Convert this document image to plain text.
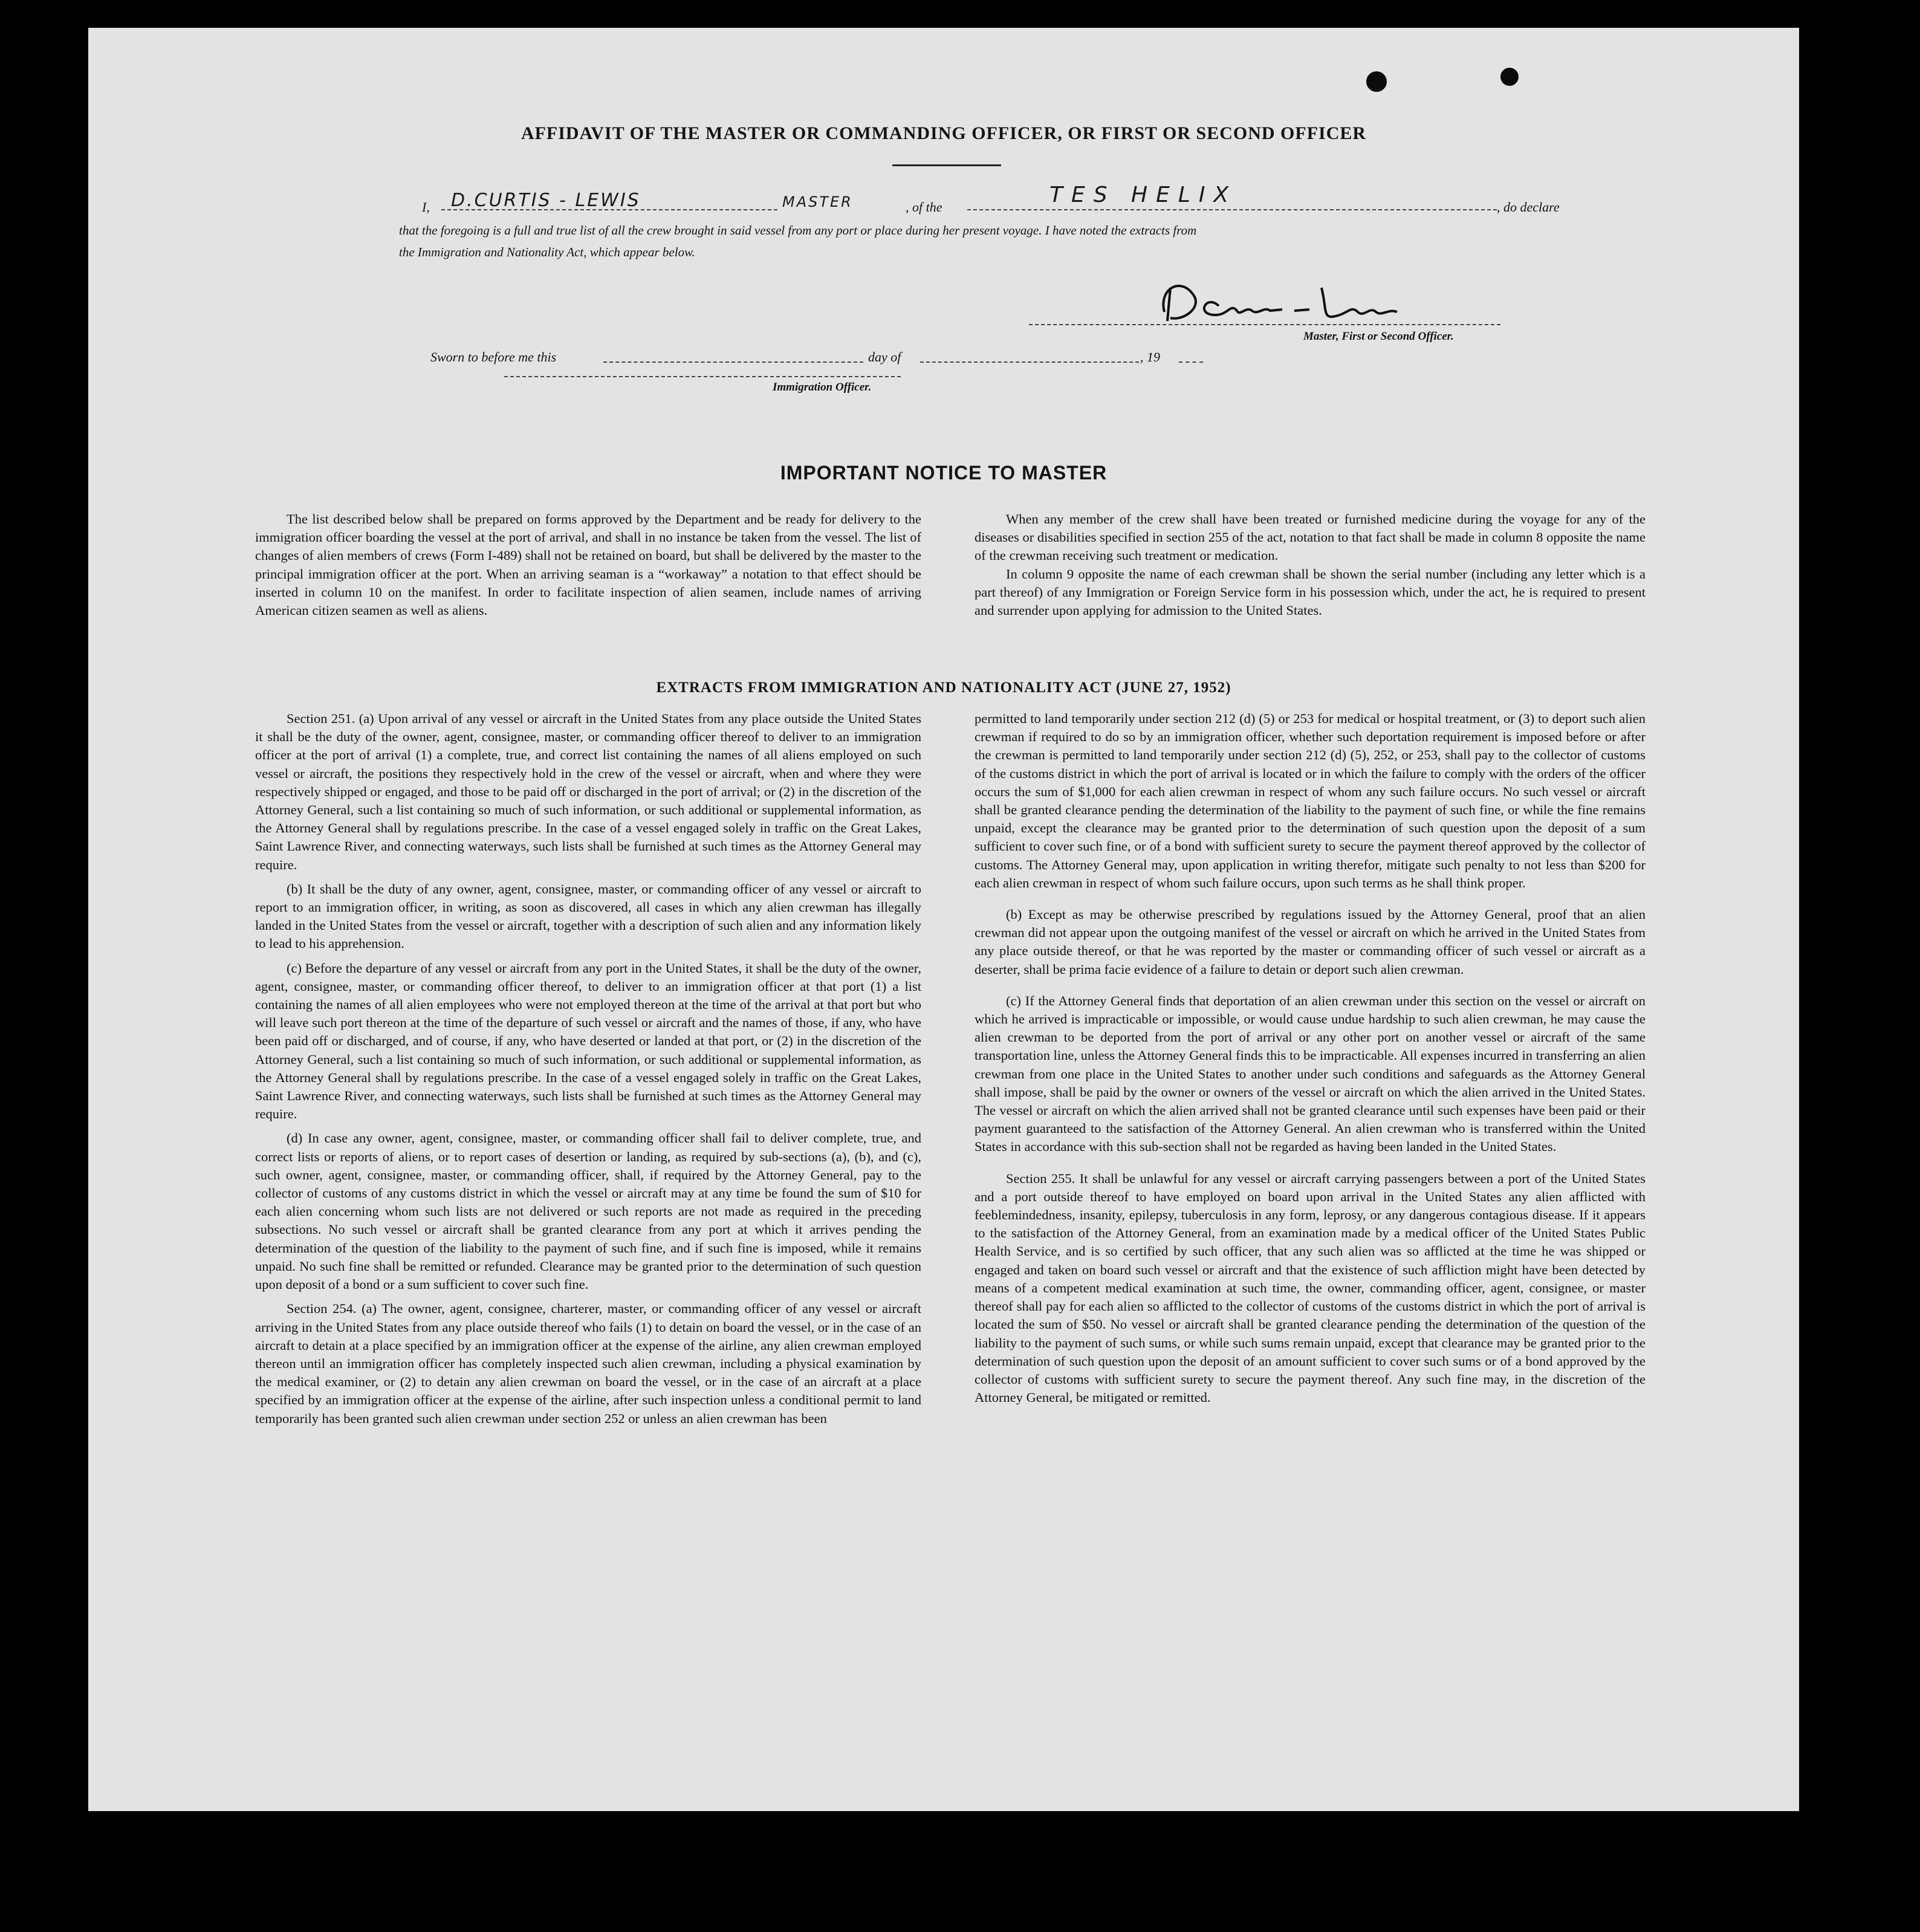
AFFIDAVIT OF THE MASTER OR COMMANDING OFFICER, OR FIRST OR SECOND OFFICER
I, D.CURTIS - LEWIS	MASTER	, of the	TES HELIX	, do declare
that the foregoing is a full and true list of all the crew brought in said vessel from any port or place during her present voyage. I have noted the extracts from
the Immigration and Nationality Act, which appear below.
Master, First or Second Officer.
Sworn to before me this	day of	, 19
Immigration Officer.
IMPORTANT NOTICE TO MASTER

The list described below shall be prepared on forms approved by the Department and be ready for delivery to the immigration officer boarding the vessel at the port of arrival, and shall in no instance be taken from the vessel. The list of changes of alien members of crews (Form I-489) shall not be retained on board, but shall be delivered by the master to the principal immigration officer at the port. When an arriving seaman is a “workaway” a notation to that effect should be inserted in column 10 on the manifest. In order to facilitate inspection of alien seamen, include names of arriving American citizen seamen as well as aliens.

When any member of the crew shall have been treated or furnished medicine during the voyage for any of the diseases or disabilities specified in section 255 of the act, notation to that fact shall be made in column 8 opposite the name of the crewman receiving such treatment or medication.

In column 9 opposite the name of each crewman shall be shown the serial number (including any letter which is a part thereof) of any Immigration or Foreign Service form in his possession which, under the act, he is required to present and surrender upon applying for admission to the United States.

EXTRACTS FROM IMMIGRATION AND NATIONALITY ACT (JUNE 27, 1952)

Section 251. (a) Upon arrival of any vessel or aircraft in the United States from any place outside the United States it shall be the duty of the owner, agent, consignee, master, or commanding officer thereof to deliver to an immigration officer at the port of arrival (1) a complete, true, and correct list containing the names of all aliens employed on such vessel or aircraft, the positions they respectively hold in the crew of the vessel or aircraft, when and where they were respectively shipped or engaged, and those to be paid off or discharged in the port of arrival; or (2) in the discretion of the Attorney General, such a list containing so much of such information, or such additional or supplemental information, as the Attorney General shall by regulations prescribe. In the case of a vessel engaged solely in traffic on the Great Lakes, Saint Lawrence River, and connecting waterways, such lists shall be furnished at such times as the Attorney General may require.

(b) It shall be the duty of any owner, agent, consignee, master, or commanding officer of any vessel or aircraft to report to an immigration officer, in writing, as soon as discovered, all cases in which any alien crewman has illegally landed in the United States from the vessel or aircraft, together with a description of such alien and any information likely to lead to his apprehension.

(c) Before the departure of any vessel or aircraft from any port in the United States, it shall be the duty of the owner, agent, consignee, master, or commanding officer thereof, to deliver to an immigration officer at that port (1) a list containing the names of all alien employees who were not employed thereon at the time of the arrival at that port but who will leave such port thereon at the time of the departure of such vessel or aircraft and the names of those, if any, who have been paid off or discharged, and of course, if any, who have deserted or landed at that port, or (2) in the discretion of the Attorney General, such a list containing so much of such information, or such additional or supplemental information, as the Attorney General shall by regulations prescribe. In the case of a vessel engaged solely in traffic on the Great Lakes, Saint Lawrence River, and connecting waterways, such lists shall be furnished at such times as the Attorney General may require.

(d) In case any owner, agent, consignee, master, or commanding officer shall fail to deliver complete, true, and correct lists or reports of aliens, or to report cases of desertion or landing, as required by sub-sections (a), (b), and (c), such owner, agent, consignee, master, or commanding officer, shall, if required by the Attorney General, pay to the collector of customs of any customs district in which the vessel or aircraft may at any time be found the sum of $10 for each alien concerning whom such lists are not delivered or such reports are not made as required in the preceding subsections. No such vessel or aircraft shall be granted clearance from any port at which it arrives pending the determination of the question of the liability to the payment of such fine, and if such fine is imposed, while it remains unpaid. No such fine shall be remitted or refunded. Clearance may be granted prior to the determination of such question upon deposit of a bond or a sum sufficient to cover such fine.

Section 254. (a) The owner, agent, consignee, charterer, master, or commanding officer of any vessel or aircraft arriving in the United States from any place outside thereof who fails (1) to detain on board the vessel, or in the case of an aircraft to detain at a place specified by an immigration officer at the expense of the airline, any alien crewman employed thereon until an immigration officer has completely inspected such alien crewman, including a physical examination by the medical examiner, or (2) to detain any alien crewman on board the vessel, or in the case of an aircraft at a place specified by an immigration officer at the expense of the airline, after such inspection unless a conditional permit to land temporarily has been granted such alien crewman under section 252 or unless an alien crewman has been

permitted to land temporarily under section 212 (d) (5) or 253 for medical or hospital treatment, or (3) to deport such alien crewman if required to do so by an immigration officer, whether such deportation requirement is imposed before or after the crewman is permitted to land temporarily under section 212 (d) (5), 252, or 253, shall pay to the collector of customs of the customs district in which the port of arrival is located or in which the failure to comply with the orders of the officer occurs the sum of $1,000 for each alien crewman in respect of whom any such failure occurs. No such vessel or aircraft shall be granted clearance pending the determination of the liability to the payment of such fine, or while the fine remains unpaid, except the clearance may be granted prior to the determination of such question upon the deposit of a sum sufficient to cover such fine, or of a bond with sufficient surety to secure the payment thereof approved by the collector of customs. The Attorney General may, upon application in writing therefor, mitigate such penalty to not less than $200 for each alien crewman in respect of whom such failure occurs, upon such terms as he shall think proper.

(b) Except as may be otherwise prescribed by regulations issued by the Attorney General, proof that an alien crewman did not appear upon the outgoing manifest of the vessel or aircraft on which he arrived in the United States from any place outside thereof, or that he was reported by the master or commanding officer of such vessel or aircraft as a deserter, shall be prima facie evidence of a failure to detain or deport such alien crewman.

(c) If the Attorney General finds that deportation of an alien crewman under this section on the vessel or aircraft on which he arrived is impracticable or impossible, or would cause undue hardship to such alien crewman, he may cause the alien crewman to be deported from the port of arrival or any other port on another vessel or aircraft of the same transportation line, unless the Attorney General finds this to be impracticable. All expenses incurred in transferring an alien crewman from one place in the United States to another under such conditions and safeguards as the Attorney General shall impose, shall be paid by the owner or owners of the vessel or aircraft on which the alien arrived in the United States. The vessel or aircraft on which the alien arrived shall not be granted clearance until such expenses have been paid or their payment guaranteed to the satisfaction of the Attorney General. An alien crewman who is transferred within the United States in accordance with this sub-section shall not be regarded as having been landed in the United States.

Section 255. It shall be unlawful for any vessel or aircraft carrying passengers between a port of the United States and a port outside thereof to have employed on board upon arrival in the United States any alien afflicted with feeblemindedness, insanity, epilepsy, tuberculosis in any form, leprosy, or any dangerous contagious disease. If it appears to the satisfaction of the Attorney General, from an examination made by a medical officer of the United States Public Health Service, and is so certified by such officer, that any such alien was so afflicted at the time he was shipped or engaged and taken on board such vessel or aircraft and that the existence of such affliction might have been detected by means of a competent medical examination at such time, the owner, commanding officer, agent, consignee, or master thereof shall pay for each alien so afflicted to the collector of customs of the customs district in which the port of arrival is located the sum of $50. No vessel or aircraft shall be granted clearance pending the determination of the question of the liability to the payment of such sums, or while such sums remain unpaid, except that clearance may be granted prior to the determination of such question upon the deposit of an amount sufficient to cover such sums or of a bond approved by the collector of customs with sufficient surety to secure the payment thereof. Any such fine may, in the discretion of the Attorney General, be mitigated or remitted.
